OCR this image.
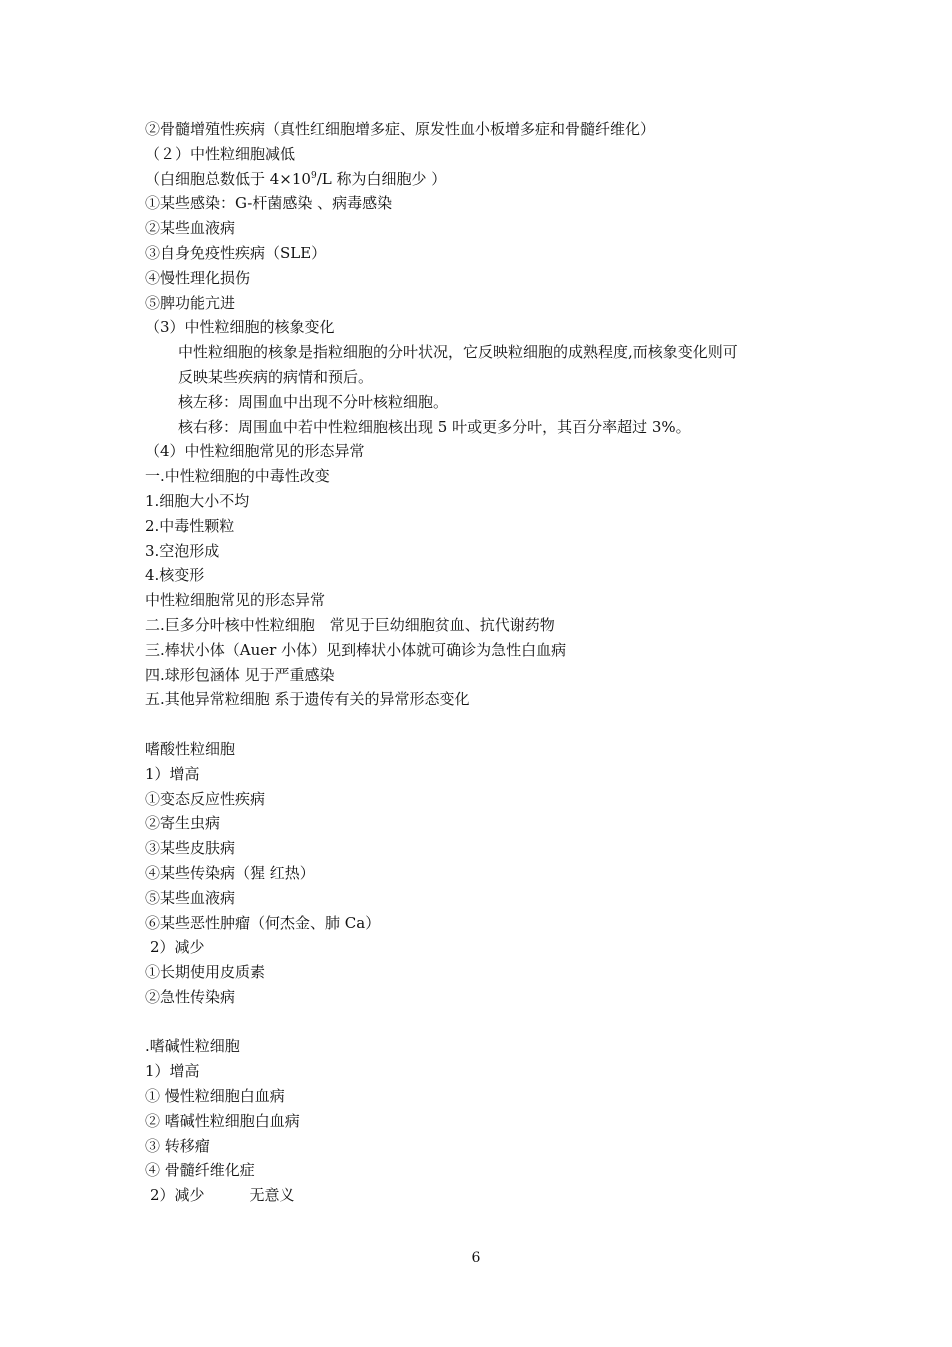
②骨髓增殖性疾病（真性红细胞增多症、原发性血小板增多症和骨髓纤维化）
（２）中性粒细胞减低
（白细胞总数低于 $4\times 10^9/L$ 称为白细胞少 ）
①某些感染：G-杆菌感染 、病毒感染
②某些血液病
③自身免疫性疾病（SLE）
④慢性理化损伤
⑤脾功能亢进
（3）中性粒细胞的核象变化
中性粒细胞的核象是指粒细胞的分叶状况，它反映粒细胞的成熟程度,而核象变化则可
反映某些疾病的病情和预后。
核左移：周围血中出现不分叶核粒细胞。
核右移：周围血中若中性粒细胞核出现 5 叶或更多分叶，其百分率超过 3%。
（4）中性粒细胞常见的形态异常
一.中性粒细胞的中毒性改变
1.细胞大小不均
2.中毒性颗粒
3.空泡形成
4.核变形
中性粒细胞常见的形态异常
二.巨多分叶核中性粒细胞　常见于巨幼细胞贫血、抗代谢药物
三.棒状小体（Auer 小体）见到棒状小体就可确诊为急性白血病
四.球形包涵体 见于严重感染
五.其他异常粒细胞 系于遗传有关的异常形态变化
嗜酸性粒细胞
1）增高
①变态反应性疾病
②寄生虫病
③某些皮肤病
④某些传染病（猩 红热）
⑤某些血液病
⑥某些恶性肿瘤（何杰金、肺 Ca）
2）减少
①长期使用皮质素
②急性传染病
.嗜碱性粒细胞
1）增高
① 慢性粒细胞白血病
② 嗜碱性粒细胞白血病
③ 转移瘤
④ 骨髓纤维化症
2）减少　　　无意义
6
